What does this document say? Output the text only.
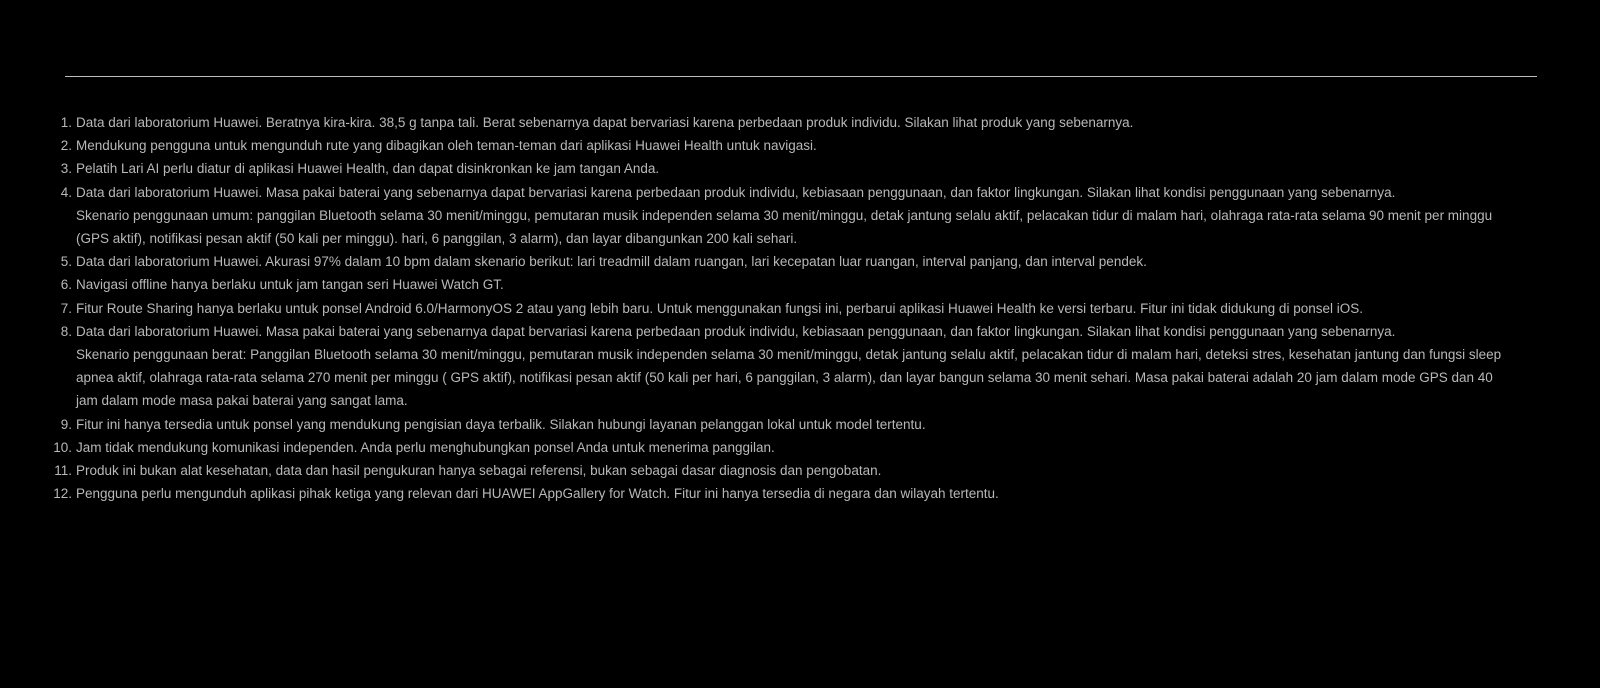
1. Data dari laboratorium Huawei. Beratnya kira-kira. 38,5 g tanpa tali. Berat sebenarnya dapat bervariasi karena perbedaan produk individu. Silakan lihat produk yang sebenarnya.
2. Mendukung pengguna untuk mengunduh rute yang dibagikan oleh teman-teman dari aplikasi Huawei Health untuk navigasi.
3. Pelatih Lari AI perlu diatur di aplikasi Huawei Health, dan dapat disinkronkan ke jam tangan Anda.
4. Data dari laboratorium Huawei. Masa pakai baterai yang sebenarnya dapat bervariasi karena perbedaan produk individu, kebiasaan penggunaan, dan faktor lingkungan. Silakan lihat kondisi penggunaan yang sebenarnya.
Skenario penggunaan umum: panggilan Bluetooth selama 30 menit/minggu, pemutaran musik independen selama 30 menit/minggu, detak jantung selalu aktif, pelacakan tidur di malam hari, olahraga rata-rata selama 90 menit per minggu (GPS aktif), notifikasi pesan aktif (50 kali per minggu). hari, 6 panggilan, 3 alarm), dan layar dibangunkan 200 kali sehari.
5. Data dari laboratorium Huawei. Akurasi 97% dalam 10 bpm dalam skenario berikut: lari treadmill dalam ruangan, lari kecepatan luar ruangan, interval panjang, dan interval pendek.
6. Navigasi offline hanya berlaku untuk jam tangan seri Huawei Watch GT.
7. Fitur Route Sharing hanya berlaku untuk ponsel Android 6.0/HarmonyOS 2 atau yang lebih baru. Untuk menggunakan fungsi ini, perbarui aplikasi Huawei Health ke versi terbaru. Fitur ini tidak didukung di ponsel iOS.
8. Data dari laboratorium Huawei. Masa pakai baterai yang sebenarnya dapat bervariasi karena perbedaan produk individu, kebiasaan penggunaan, dan faktor lingkungan. Silakan lihat kondisi penggunaan yang sebenarnya.
Skenario penggunaan berat: Panggilan Bluetooth selama 30 menit/minggu, pemutaran musik independen selama 30 menit/minggu, detak jantung selalu aktif, pelacakan tidur di malam hari, deteksi stres, kesehatan jantung dan fungsi sleep apnea aktif, olahraga rata-rata selama 270 menit per minggu ( GPS aktif), notifikasi pesan aktif (50 kali per hari, 6 panggilan, 3 alarm), dan layar bangun selama 30 menit sehari. Masa pakai baterai adalah 20 jam dalam mode GPS dan 40 jam dalam mode masa pakai baterai yang sangat lama.
9. Fitur ini hanya tersedia untuk ponsel yang mendukung pengisian daya terbalik. Silakan hubungi layanan pelanggan lokal untuk model tertentu.
10. Jam tidak mendukung komunikasi independen. Anda perlu menghubungkan ponsel Anda untuk menerima panggilan.
11. Produk ini bukan alat kesehatan, data dan hasil pengukuran hanya sebagai referensi, bukan sebagai dasar diagnosis dan pengobatan.
12. Pengguna perlu mengunduh aplikasi pihak ketiga yang relevan dari HUAWEI AppGallery for Watch. Fitur ini hanya tersedia di negara dan wilayah tertentu.
